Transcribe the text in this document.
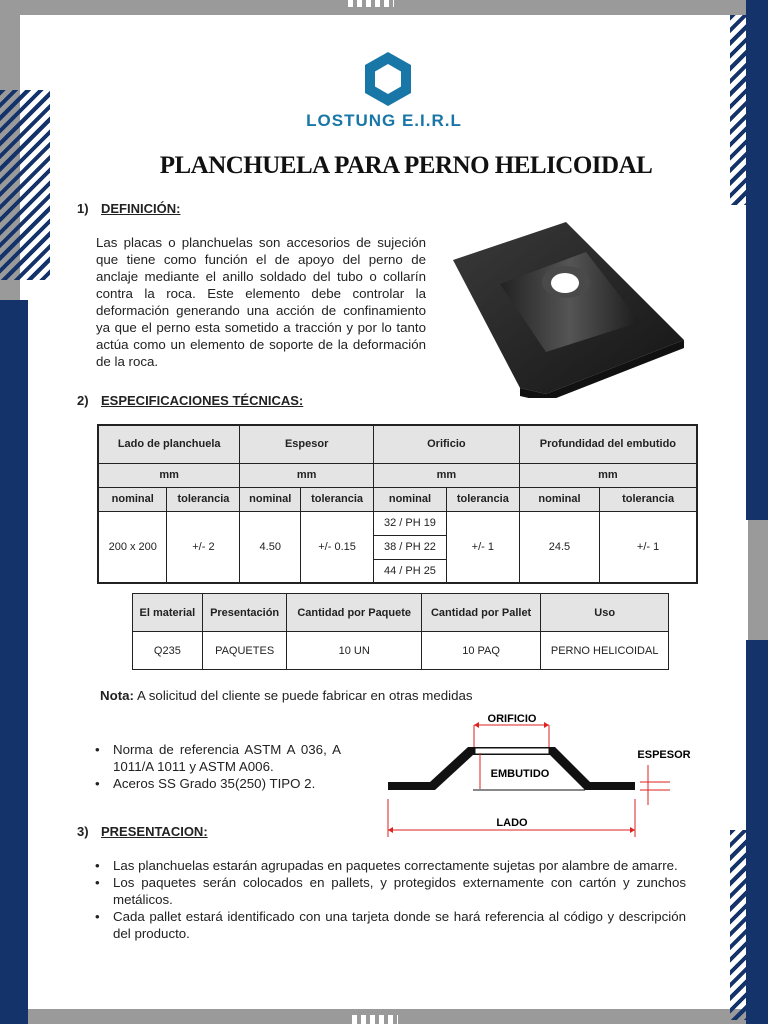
LOSTUNG E.I.R.L
PLANCHUELA PARA PERNO HELICOIDAL
1) DEFINICIÓN:
Las placas o planchuelas son accesorios de sujeción que tiene como función el de apoyo del perno de anclaje mediante el anillo soldado del tubo o collarín contra la roca. Este elemento debe controlar la deformación generando una acción de confinamiento ya que el perno esta sometido a tracción y por lo tanto actúa como un elemento de soporte de la deformación de la roca.
2) ESPECIFICACIONES TÉCNICAS:
Lado de planchuela		Espesor		Orificio		Profundidad del embutido	
mm		mm		mm		mm	
nominal	tolerancia	nominal	tolerancia	nominal	tolerancia	nominal	tolerancia
200 x 200	+/- 2	4.50	+/- 0.15	32 / PH 19	+/- 1	24.5	+/- 1
				38 / PH 22			
				44 / PH 25			
El material	Presentación	Cantidad por Paquete	Cantidad por Pallet	Uso
Q235	PAQUETES	10 UN	10 PAQ	PERNO HELICOIDAL
Nota: A solicitud del cliente se puede fabricar en otras medidas
• Norma de referencia ASTM A 036, A 1011/A 1011 y ASTM A006.
• Aceros SS Grado 35(250) TIPO 2.
ORIFICIO
EMBUTIDO
ESPESOR
LADO
3) PRESENTACION:
• Las planchuelas estarán agrupadas en paquetes correctamente sujetas por alambre de amarre.
• Los paquetes serán colocados en pallets, y protegidos externamente con cartón y zunchos metálicos.
• Cada pallet estará identificado con una tarjeta donde se hará referencia al código y descripción del producto.
